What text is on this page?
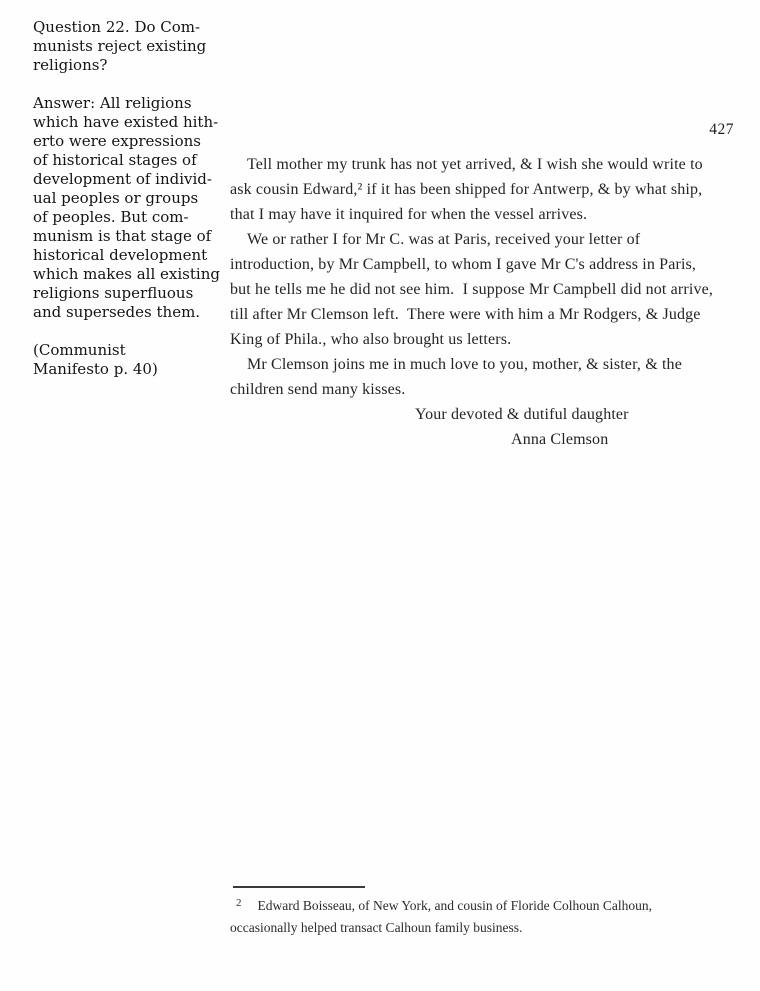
Question 22. Do Com-
munists reject existing
religions?
Answer: All religions
which have existed hith-
erto were expressions
of historical stages of
development of individ-
ual peoples or groups
of peoples. But com-
munism is that stage of
historical development
which makes all existing
religions superfluous
and supersedes them.
(Communist
Manifesto p. 40)
427
Tell mother my trunk has not yet arrived, & I wish she would write to
ask cousin Edward,² if it has been shipped for Antwerp, & by what ship,
that I may have it inquired for when the vessel arrives.
We or rather I for Mr C. was at Paris, received your letter of
introduction, by Mr Campbell, to whom I gave Mr C's address in Paris,
but he tells me he did not see him.  I suppose Mr Campbell did not arrive,
till after Mr Clemson left.  There were with him a Mr Rodgers, & Judge
King of Phila., who also brought us letters.
Mr Clemson joins me in much love to you, mother, & sister, & the
children send many kisses.
Your devoted & dutiful daughter
Anna Clemson
$^2$ Edward Boisseau, of New York, and cousin of Floride Colhoun Calhoun,
occasionally helped transact Calhoun family business.
